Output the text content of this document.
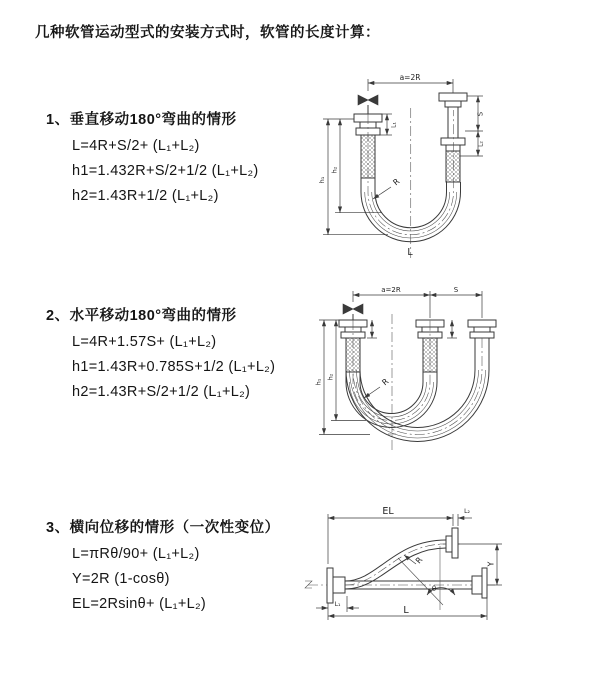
几种软管运动型式的安装方式时，软管的长度计算：
1、垂直移动180°弯曲的情形
L=4R+S/2+ (L₁+L₂)
h1=1.432R+S/2+1/2 (L₁+L₂)
h2=1.43R+1/2 (L₁+L₂)
2、水平移动180°弯曲的情形
L=4R+1.57S+ (L₁+L₂)
h1=1.43R+0.785S+1/2 (L₁+L₂)
h2=1.43R+S/2+1/2 (L₁+L₂)
3、横向位移的情形（一次性变位）
L=πRθ/90+ (L₁+L₂)
Y=2R (1-cosθ)
EL=2Rsinθ+ (L₁+L₂)
a=2R
h₁
h₂
L₁
S
L₂
R
L
a=2R	S
h₁
h₂	R
EL	L₂
L
L₁
Y
θ
R
